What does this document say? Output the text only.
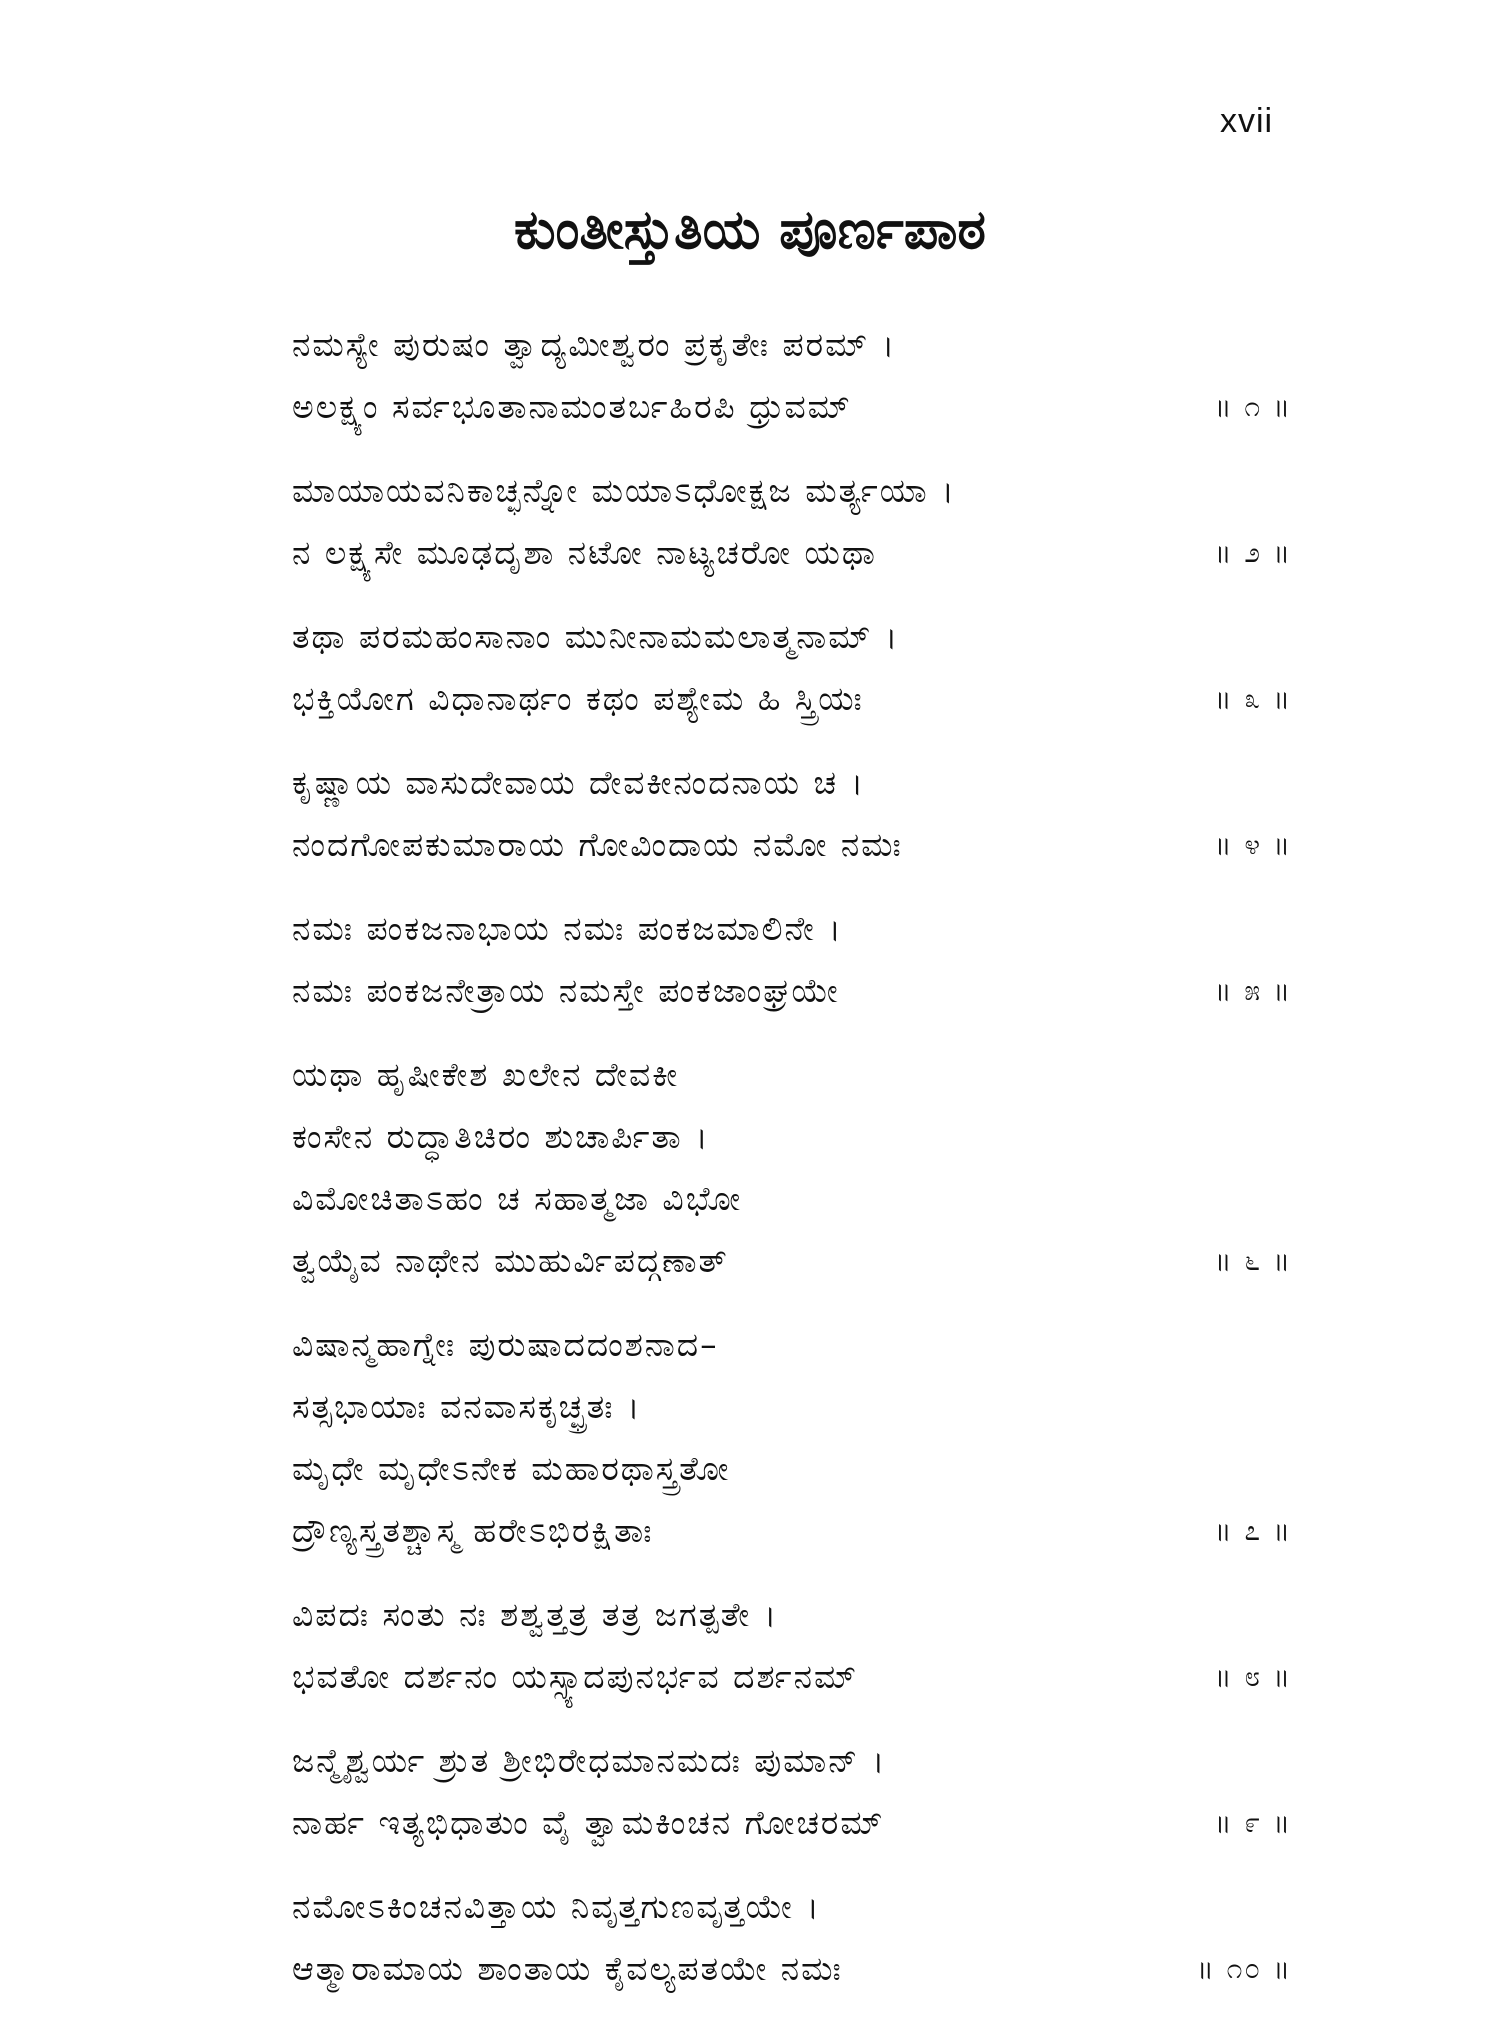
xvii
ಕುಂತೀಸ್ತುತಿಯ ಪೂರ್ಣಪಾಠ
ನಮಸ್ಯೇ ಪುರುಷಂ ತ್ವಾದ್ಯಮೀಶ್ವರಂ ಪ್ರಕೃತೇಃ ಪರಮ್ ।
ಅಲಕ್ಷ್ಯಂ ಸರ್ವಭೂತಾನಾಮಂತರ್ಬಹಿರಪಿ ಧ್ರುವಮ್	॥ ೧ ॥
ಮಾಯಾಯವನಿಕಾಚ್ಛನ್ನೋ ಮಯಾಽಧೋಕ್ಷಜ ಮರ್ತ್ಯಯಾ ।
ನ ಲಕ್ಷ್ಯಸೇ ಮೂಢದೃಶಾ ನಟೋ ನಾಟ್ಯಚರೋ ಯಥಾ	॥ ೨ ॥
ತಥಾ ಪರಮಹಂಸಾನಾಂ ಮುನೀನಾಮಮಲಾತ್ಮನಾಮ್ ।
ಭಕ್ತಿಯೋಗ ವಿಧಾನಾರ್ಥಂ ಕಥಂ ಪಶ್ಯೇಮ ಹಿ ಸ್ತ್ರಿಯಃ	॥ ೩ ॥
ಕೃಷ್ಣಾಯ ವಾಸುದೇವಾಯ ದೇವಕೀನಂದನಾಯ ಚ ।
ನಂದಗೋಪಕುಮಾರಾಯ ಗೋವಿಂದಾಯ ನಮೋ ನಮಃ	॥ ೪ ॥
ನಮಃ ಪಂಕಜನಾಭಾಯ ನಮಃ ಪಂಕಜಮಾಲಿನೇ ।
ನಮಃ ಪಂಕಜನೇತ್ರಾಯ ನಮಸ್ತೇ ಪಂಕಜಾಂಘ್ರಯೇ	॥ ೫ ॥
ಯಥಾ ಹೃಷೀಕೇಶ ಖಲೇನ ದೇವಕೀ
ಕಂಸೇನ ರುದ್ಧಾತಿಚಿರಂ ಶುಚಾರ್ಪಿತಾ ।
ವಿಮೋಚಿತಾಽಹಂ ಚ ಸಹಾತ್ಮಜಾ ವಿಭೋ
ತ್ವಯೈವ ನಾಥೇನ ಮುಹುರ್ವಿಪದ್ಗಣಾತ್	॥ ೬ ॥
ವಿಷಾನ್ಮಹಾಗ್ನೇಃ ಪುರುಷಾದದಂಶನಾದ–
ಸತ್ಸಭಾಯಾಃ ವನವಾಸಕೃಚ್ಛ್ರತಃ ।
ಮೃಧೇ ಮೃಧೇಽನೇಕ ಮಹಾರಥಾಸ್ತ್ರತೋ
ದ್ರೌಣ್ಯಸ್ತ್ರತಶ್ಚಾಸ್ಮ ಹರೇಽಭಿರಕ್ಷಿತಾಃ	॥ ೭ ॥
ವಿಪದಃ ಸಂತು ನಃ ಶಶ್ವತ್ತತ್ರ ತತ್ರ ಜಗತ್ಪತೇ ।
ಭವತೋ ದರ್ಶನಂ ಯಸ್ಸ್ಯಾದಪುನರ್ಭವ ದರ್ಶನಮ್	॥ ೮ ॥
ಜನ್ಮೈಶ್ವರ್ಯ ಶ್ರುತ ಶ್ರೀಭಿರೇಧಮಾನಮದಃ ಪುಮಾನ್ ।
ನಾರ್ಹ ಇತ್ಯಭಿಧಾತುಂ ವೈ ತ್ವಾಮಕಿಂಚನ ಗೋಚರಮ್	॥ ೯ ॥
ನಮೋಽಕಿಂಚನವಿತ್ತಾಯ ನಿವೃತ್ತಗುಣವೃತ್ತಯೇ ।
ಆತ್ಮಾರಾಮಾಯ ಶಾಂತಾಯ ಕೈವಲ್ಯಪತಯೇ ನಮಃ	॥ ೧೦ ॥
